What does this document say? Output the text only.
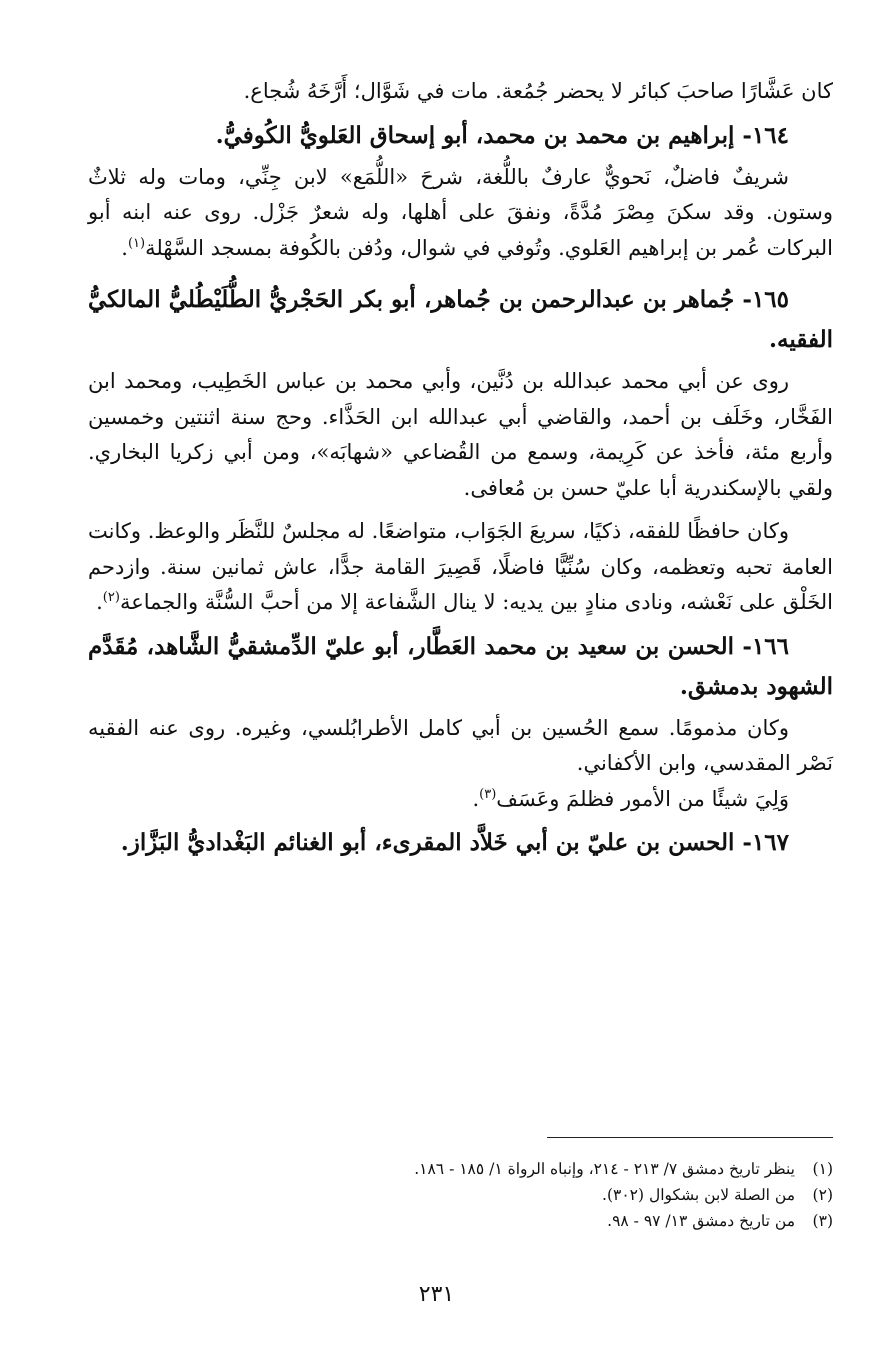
كان عَشَّارًا صاحبَ كبائر لا يحضر جُمُعة. مات في شَوَّال؛ أَرَّخَهُ شُجاع.

١٦٤- إبراهيم بن محمد بن محمد، أبو إسحاق العَلويُّ الكُوفيُّ.

شريفٌ فاضلٌ، نَحويٌّ عارفٌ باللُّغة، شرحَ «اللُّمَع» لابن جِنِّي، ومات وله ثلاثٌ وستون. وقد سكنَ مِصْرَ مُدَّةً، ونفقَ على أهلها، وله شعرٌ جَزْل. روى عنه ابنه أبو البركات عُمر بن إبراهيم العَلوي. وتُوفي في شوال، ودُفن بالكُوفة بمسجد السَّهْلة$^{(١)}$.

١٦٥- جُماهر بن عبدالرحمن بن جُماهر، أبو بكر الحَجْريُّ الطُّلَيْطُليُّ المالكيُّ الفقيه.

روى عن أبي محمد عبدالله بن دُنَّين، وأبي محمد بن عباس الخَطِيب، ومحمد ابن الفَخَّار، وخَلَف بن أحمد، والقاضي أبي عبدالله ابن الحَذَّاء. وحج سنة اثنتين وخمسين وأربع مئة، فأخذ عن كَرِيمة، وسمع من القُضاعي «شهابَه»، ومن أبي زكريا البخاري. ولقي بالإسكندرية أبا عليّ حسن بن مُعافى.

وكان حافظًا للفقه، ذكيًا، سريعَ الجَوَاب، متواضعًا. له مجلسٌ للنَّظَر والوعظ. وكانت العامة تحبه وتعظمه، وكان سُنِّيًّا فاضلًا، قَصِيرَ القامة جدًّا، عاش ثمانين سنة. وازدحم الخَلْق على نَعْشه، ونادى منادٍ بين يديه: لا ينال الشَّفاعة إلا من أحبَّ السُّنَّة والجماعة$^{(٢)}$.

١٦٦- الحسن بن سعيد بن محمد العَطَّار، أبو عليّ الدِّمشقيُّ الشَّاهد، مُقَدَّم الشهود بدمشق.

وكان مذمومًا. سمع الحُسين بن أبي كامل الأطرابُلسي، وغيره. روى عنه الفقيه نَصْر المقدسي، وابن الأكفاني.

وَلِيَ شيئًا من الأمور فظلمَ وعَسَف$^{(٣)}$.

١٦٧- الحسن بن عليّ بن أبي خَلاَّد المقرىء، أبو الغنائم البَغْداديُّ البَزَّاز.

(١)
ينظر تاريخ دمشق ٧/ ٢١٣ - ٢١٤، وإنباه الرواة ١/ ١٨٥ - ١٨٦.

(٢)
من الصلة لابن بشكوال (٣٠٢).

(٣)
من تاريخ دمشق ١٣/ ٩٧ - ٩٨.

٢٣١
